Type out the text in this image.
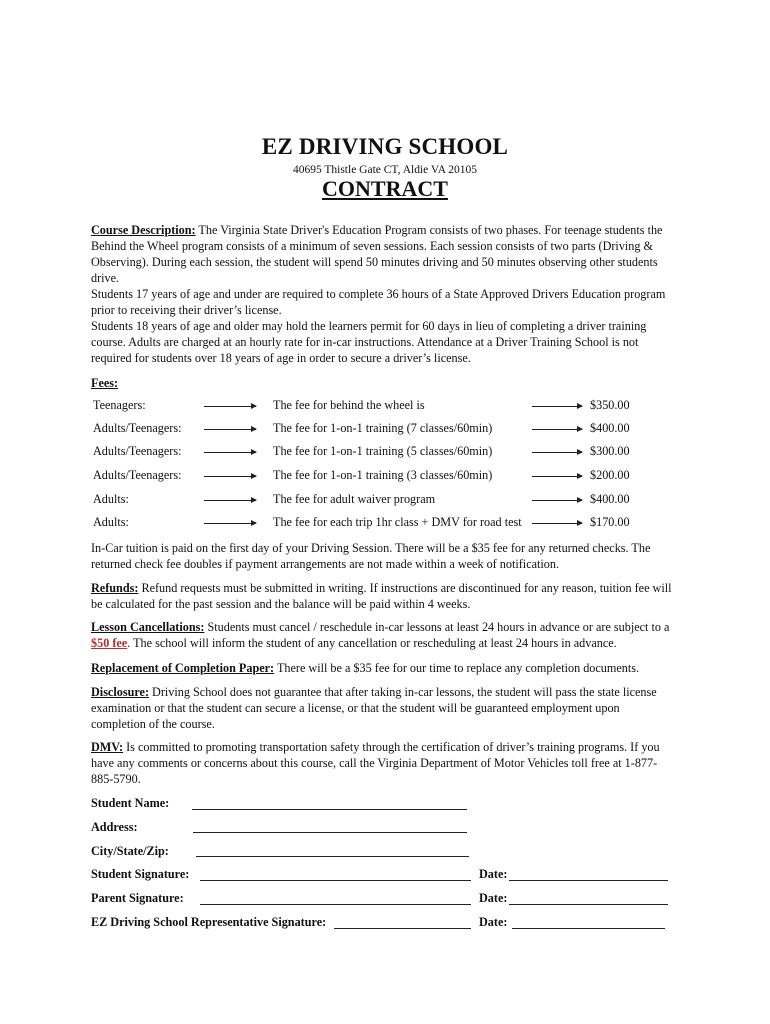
EZ DRIVING SCHOOL
40695 Thistle Gate CT, Aldie VA 20105
CONTRACT
Course Description: The Virginia State Driver's Education Program consists of two phases. For teenage students the Behind the Wheel program consists of a minimum of seven sessions. Each session consists of two parts (Driving & Observing). During each session, the student will spend 50 minutes driving and 50 minutes observing other students drive.
Students 17 years of age and under are required to complete 36 hours of a State Approved Drivers Education program prior to receiving their driver’s license.
Students 18 years of age and older may hold the learners permit for 60 days in lieu of completing a driver training course. Adults are charged at an hourly rate for in-car instructions. Attendance at a Driver Training School is not required for students over 18 years of age in order to secure a driver’s license.
Fees:
Teenagers:	The fee for behind the wheel is	$350.00
Adults/Teenagers:	The fee for 1-on-1 training (7 classes/60min)	$400.00
Adults/Teenagers:	The fee for 1-on-1 training (5 classes/60min)	$300.00
Adults/Teenagers:	The fee for 1-on-1 training (3 classes/60min)	$200.00
Adults:	The fee for adult waiver program	$400.00
Adults:	The fee for each trip 1hr class + DMV for road test	$170.00
In-Car tuition is paid on the first day of your Driving Session. There will be a $35 fee for any returned checks. The returned check fee doubles if payment arrangements are not made within a week of notification.
Refunds: Refund requests must be submitted in writing. If instructions are discontinued for any reason, tuition fee will be calculated for the past session and the balance will be paid within 4 weeks.
Lesson Cancellations: Students must cancel / reschedule in-car lessons at least 24 hours in advance or are subject to a $50 fee. The school will inform the student of any cancellation or rescheduling at least 24 hours in advance.
Replacement of Completion Paper: There will be a $35 fee for our time to replace any completion documents.
Disclosure: Driving School does not guarantee that after taking in-car lessons, the student will pass the state license examination or that the student can secure a license, or that the student will be guaranteed employment upon completion of the course.
DMV: Is committed to promoting transportation safety through the certification of driver’s training programs. If you have any comments or concerns about this course, call the Virginia Department of Motor Vehicles toll free at 1-877-885-5790.
Student Name:
Address:
City/State/Zip:
Student Signature:	Date:
Parent Signature:	Date:
EZ Driving School Representative Signature:	Date:
